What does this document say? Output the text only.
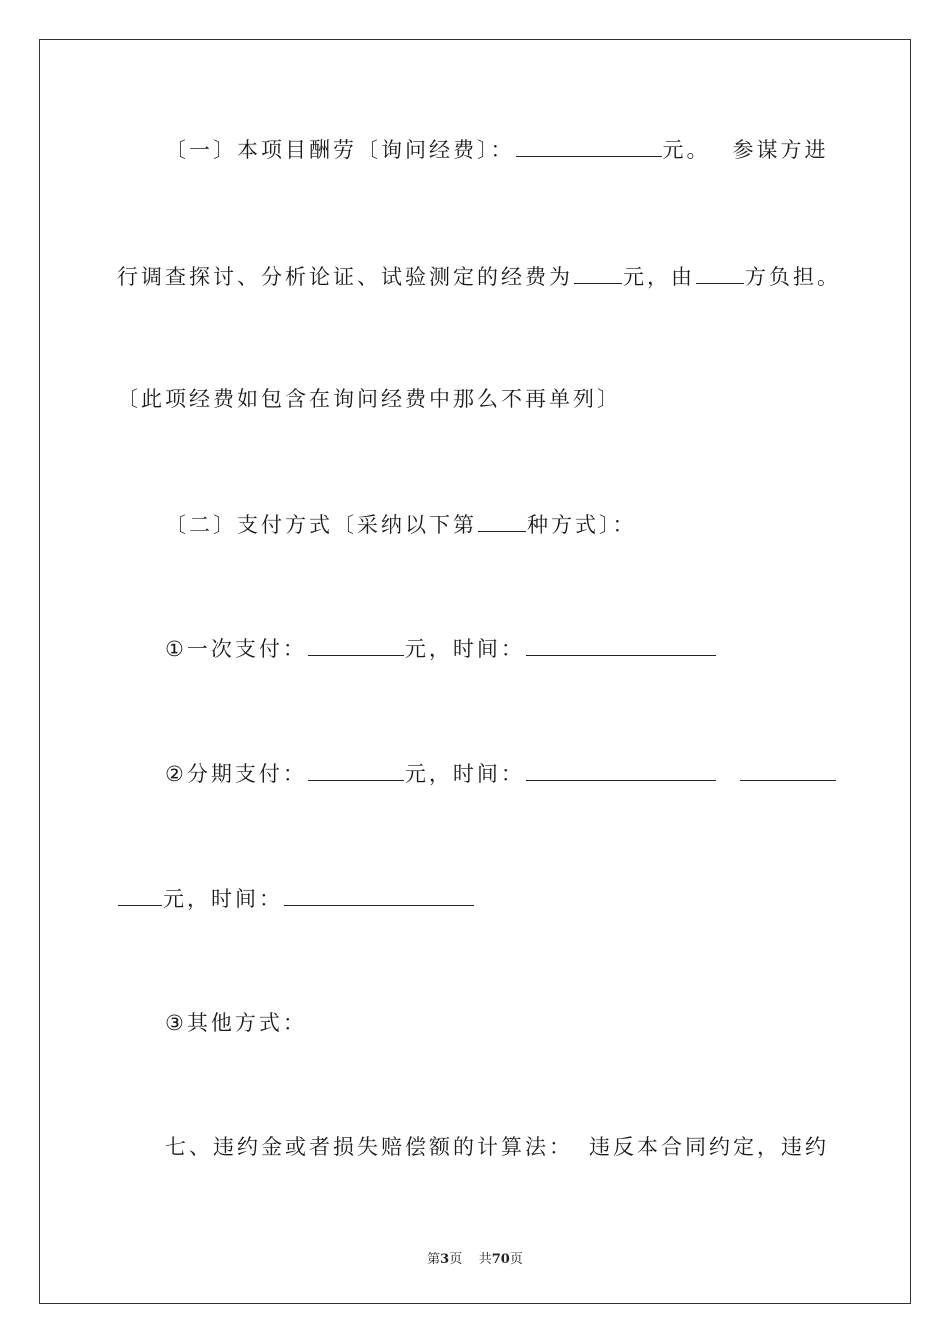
〔一〕本项目酬劳〔询问经费〕：	元。 参谋方进
行调查探讨、分析论证、试验测定的经费为 元，由 方负担。
〔此项经费如包含在询问经费中那么不再单列〕
〔二〕支付方式〔采纳以下第 种方式〕：
①一次支付：	元，时间：
②分期支付：	元，时间：
元，时间：
③其他方式：
七、违约金或者损失赔偿额的计算法： 违反本合同约定，违约
第3页 共70页
